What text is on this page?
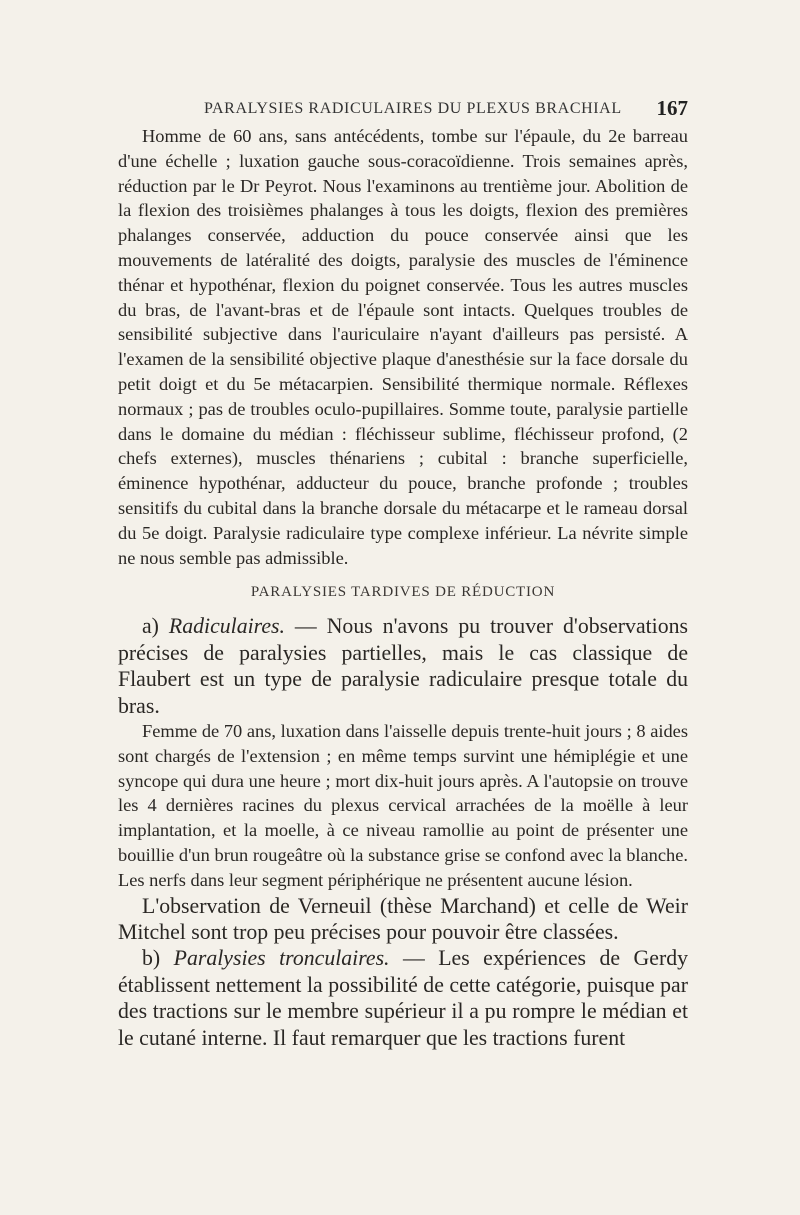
PARALYSIES RADICULAIRES DU PLEXUS BRACHIAL 167

Homme de 60 ans, sans antécédents, tombe sur l'épaule, du 2e barreau d'une échelle ; luxation gauche sous-coracoïdienne. Trois semaines après, réduction par le Dr Peyrot. Nous l'examinons au trentième jour. Abolition de la flexion des troisièmes phalanges à tous les doigts, flexion des premières phalanges conservée, adduction du pouce conservée ainsi que les mouvements de latéralité des doigts, paralysie des muscles de l'éminence thénar et hypothénar, flexion du poignet conservée. Tous les autres muscles du bras, de l'avant-bras et de l'épaule sont intacts. Quelques troubles de sensibilité subjective dans l'auriculaire n'ayant d'ailleurs pas persisté. A l'examen de la sensibilité objective plaque d'anesthésie sur la face dorsale du petit doigt et du 5e métacarpien. Sensibilité thermique normale. Réflexes normaux ; pas de troubles oculo-pupillaires. Somme toute, paralysie partielle dans le domaine du médian : fléchisseur sublime, fléchisseur profond, (2 chefs externes), muscles thénariens ; cubital : branche superficielle, éminence hypothénar, adducteur du pouce, branche profonde ; troubles sensitifs du cubital dans la branche dorsale du métacarpe et le rameau dorsal du 5e doigt. Paralysie radiculaire type complexe inférieur. La névrite simple ne nous semble pas admissible.

PARALYSIES TARDIVES DE RÉDUCTION

a) Radiculaires. — Nous n'avons pu trouver d'observations précises de paralysies partielles, mais le cas classique de Flaubert est un type de paralysie radiculaire presque totale du bras.

Femme de 70 ans, luxation dans l'aisselle depuis trente-huit jours ; 8 aides sont chargés de l'extension ; en même temps survint une hémiplégie et une syncope qui dura une heure ; mort dix-huit jours après. A l'autopsie on trouve les 4 dernières racines du plexus cervical arrachées de la moëlle à leur implantation, et la moelle, à ce niveau ramollie au point de présenter une bouillie d'un brun rougeâtre où la substance grise se confond avec la blanche. Les nerfs dans leur segment périphérique ne présentent aucune lésion.

L'observation de Verneuil (thèse Marchand) et celle de Weir Mitchel sont trop peu précises pour pouvoir être classées.

b) Paralysies tronculaires. — Les expériences de Gerdy établissent nettement la possibilité de cette catégorie, puisque par des tractions sur le membre supérieur il a pu rompre le médian et le cutané interne. Il faut remarquer que les tractions furent
